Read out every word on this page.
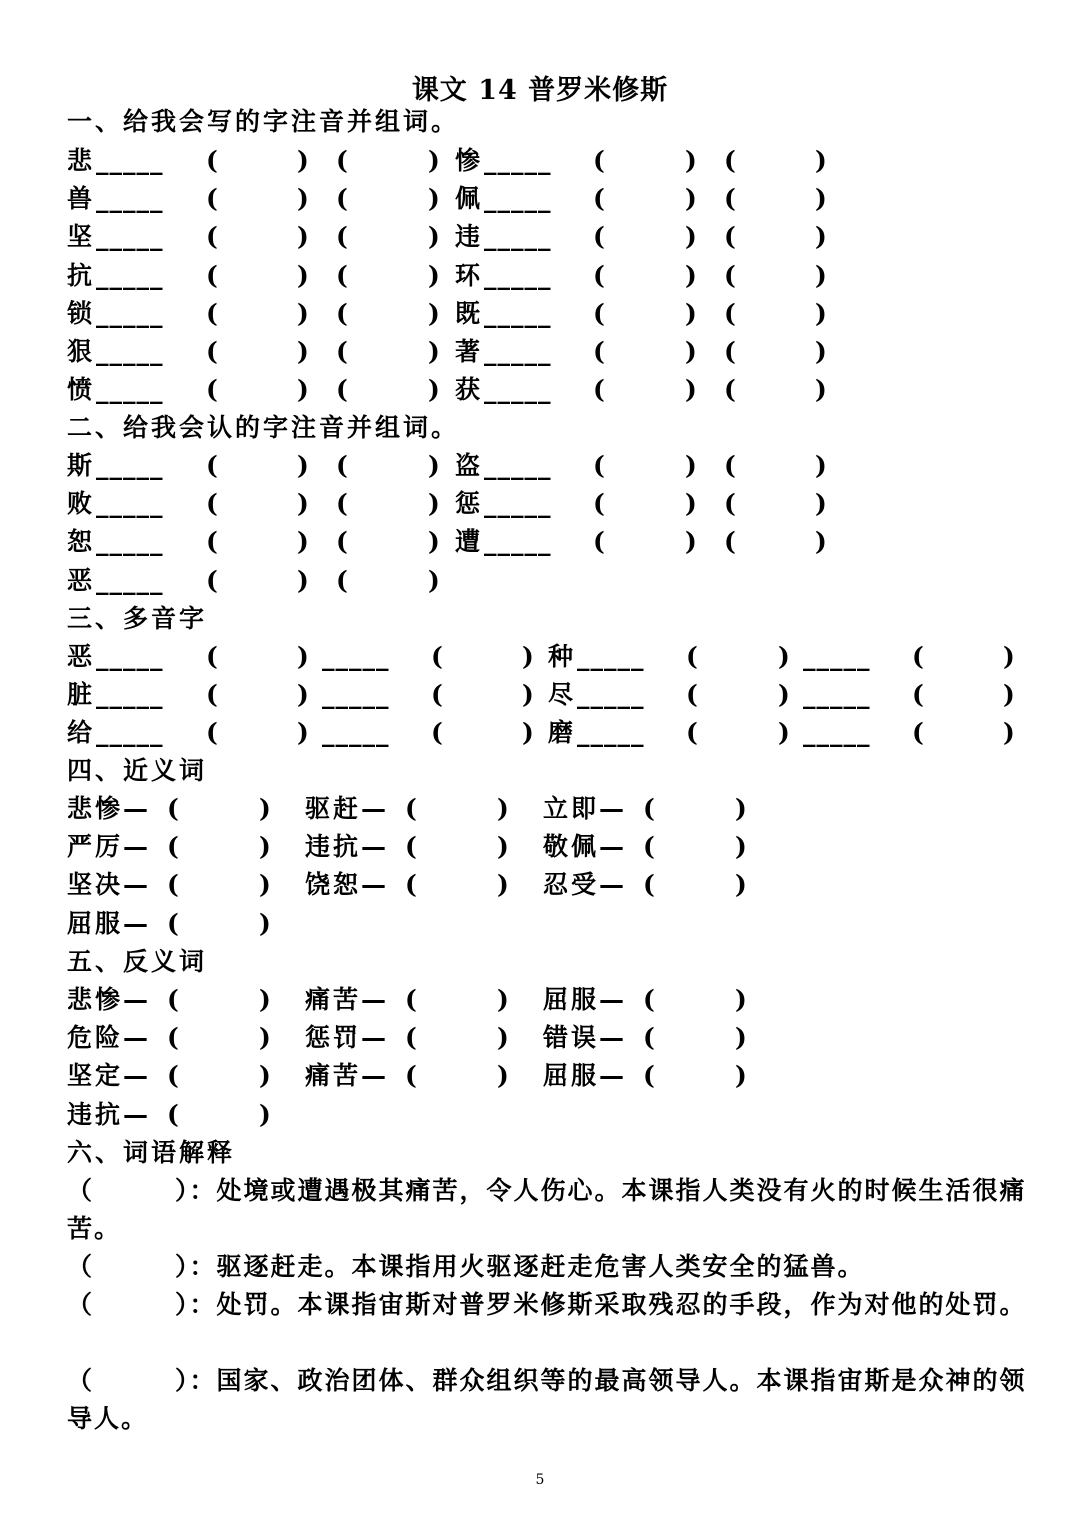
课文 14 普罗米修斯
一、给我会写的字注音并组词。
悲 _____ (	) (	) 惨 _____ (	) (	)
兽 _____ (	) (	) 佩 _____ (	) (	)
坚 _____ (	) (	) 违 _____ (	) (	)
抗 _____ (	) (	) 环 _____ (	) (	)
锁 _____ (	) (	) 既 _____ (	) (	)
狠 _____ (	) (	) 著 _____ (	) (	)
愤 _____ (	) (	) 获 _____ (	) (	)
二、给我会认的字注音并组词。
斯 _____ (	) (	) 盗 _____ (	) (	)
败 _____ (	) (	) 惩 _____ (	) (	)
恕 _____ (	) (	) 遭 _____ (	) (	)
恶 _____ (	) (	)
三、多音字
恶 _____ (	) _____ (	) 种 _____ (	) _____ (	)
脏 _____ (	) _____ (	) 尽 _____ (	) _____ (	)
给 _____ (	) _____ (	) 磨 _____ (	) _____ (	)
四、近义词
悲惨— (	) 驱赶— (	) 立即— (	)
严厉— (	) 违抗— (	) 敬佩— (	)
坚决— (	) 饶恕— (	) 忍受— (	)
屈服— (	)
五、反义词
悲惨— (	) 痛苦— (	) 屈服— (	)
危险— (	) 惩罚— (	) 错误— (	)
坚定— (	) 痛苦— (	) 屈服— (	)
违抗— (	)
六、词语解释
（　　　）：处境或遭遇极其痛苦，令人伤心。本课指人类没有火的时候生活很痛苦。
（　　　）：驱逐赶走。本课指用火驱逐赶走危害人类安全的猛兽。
（　　　）：处罚。本课指宙斯对普罗米修斯采取残忍的手段，作为对他的处罚。
（　　　）：国家、政治团体、群众组织等的最高领导人。本课指宙斯是众神的领导人。
5
